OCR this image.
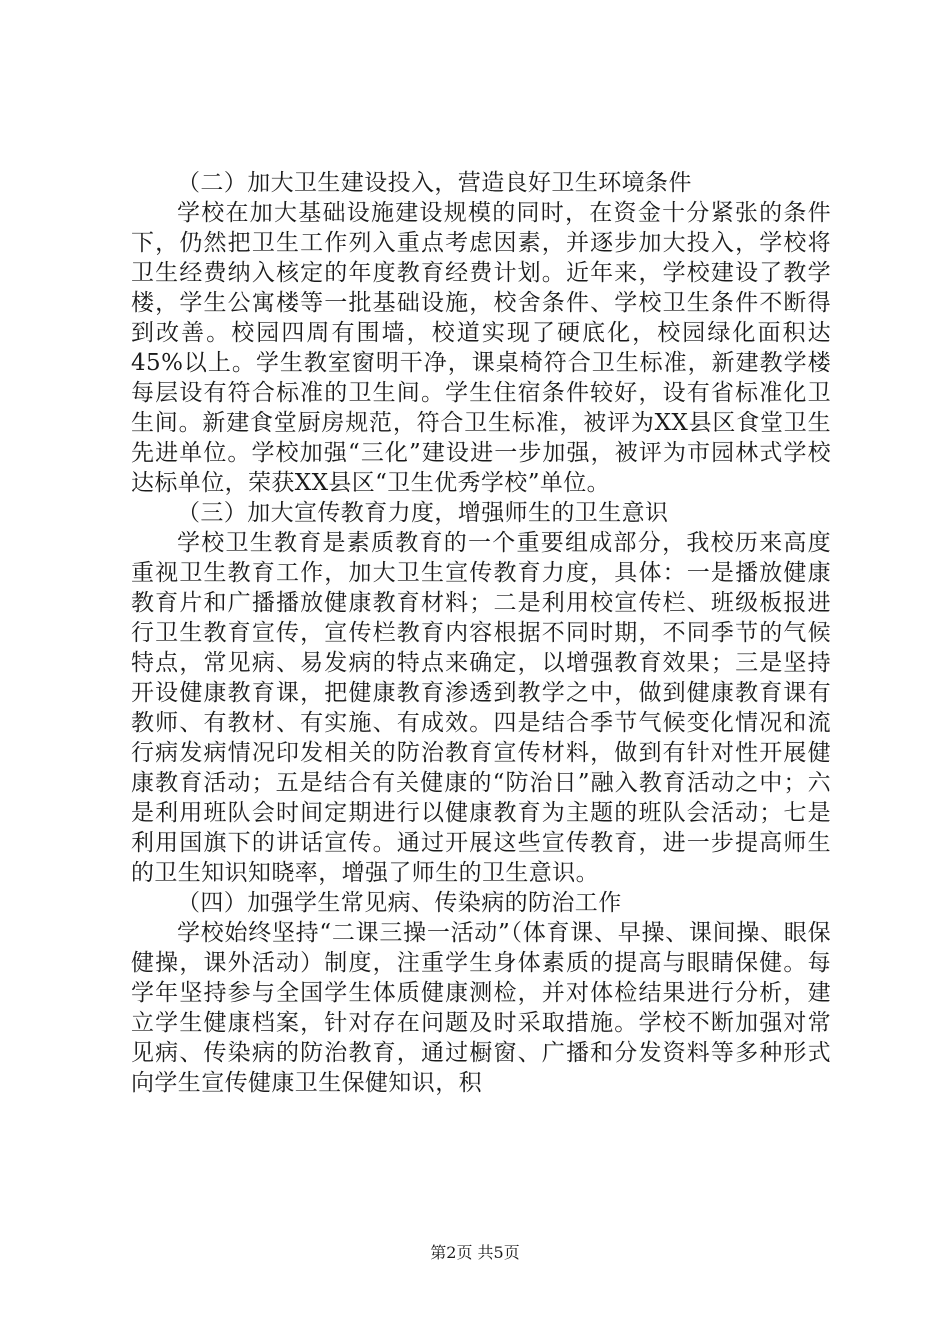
（二）加大卫生建设投入，营造良好卫生环境条件

学校在加大基础设施建设规模的同时，在资金十分紧张的条件下，仍然把卫生工作列入重点考虑因素，并逐步加大投入，学校将卫生经费纳入核定的年度教育经费计划。近年来，学校建设了教学楼，学生公寓楼等一批基础设施，校舍条件、学校卫生条件不断得到改善。校园四周有围墙，校道实现了硬底化，校园绿化面积达45%以上。学生教室窗明干净，课桌椅符合卫生标准，新建教学楼每层设有符合标准的卫生间。学生住宿条件较好，设有省标准化卫生间。新建食堂厨房规范，符合卫生标准，被评为XX县区食堂卫生先进单位。学校加强“三化”建设进一步加强，被评为市园林式学校达标单位，荣获XX县区“卫生优秀学校”单位。

（三）加大宣传教育力度，增强师生的卫生意识

学校卫生教育是素质教育的一个重要组成部分，我校历来高度重视卫生教育工作，加大卫生宣传教育力度，具体：一是播放健康教育片和广播播放健康教育材料；二是利用校宣传栏、班级板报进行卫生教育宣传，宣传栏教育内容根据不同时期，不同季节的气候特点，常见病、易发病的特点来确定，以增强教育效果；三是坚持开设健康教育课，把健康教育渗透到教学之中，做到健康教育课有教师、有教材、有实施、有成效。四是结合季节气候变化情况和流行病发病情况印发相关的防治教育宣传材料，做到有针对性开展健康教育活动；五是结合有关健康的“防治日”融入教育活动之中；六是利用班队会时间定期进行以健康教育为主题的班队会活动；七是利用国旗下的讲话宣传。通过开展这些宣传教育，进一步提高师生的卫生知识知晓率，增强了师生的卫生意识。

（四）加强学生常见病、传染病的防治工作

学校始终坚持“二课三操一活动”（体育课、早操、课间操、眼保健操，课外活动）制度，注重学生身体素质的提高与眼睛保健。每学年坚持参与全国学生体质健康测检，并对体检结果进行分析，建立学生健康档案，针对存在问题及时采取措施。学校不断加强对常见病、传染病的防治教育，通过橱窗、广播和分发资料等多种形式向学生宣传健康卫生保健知识，积

第2页 共5页
